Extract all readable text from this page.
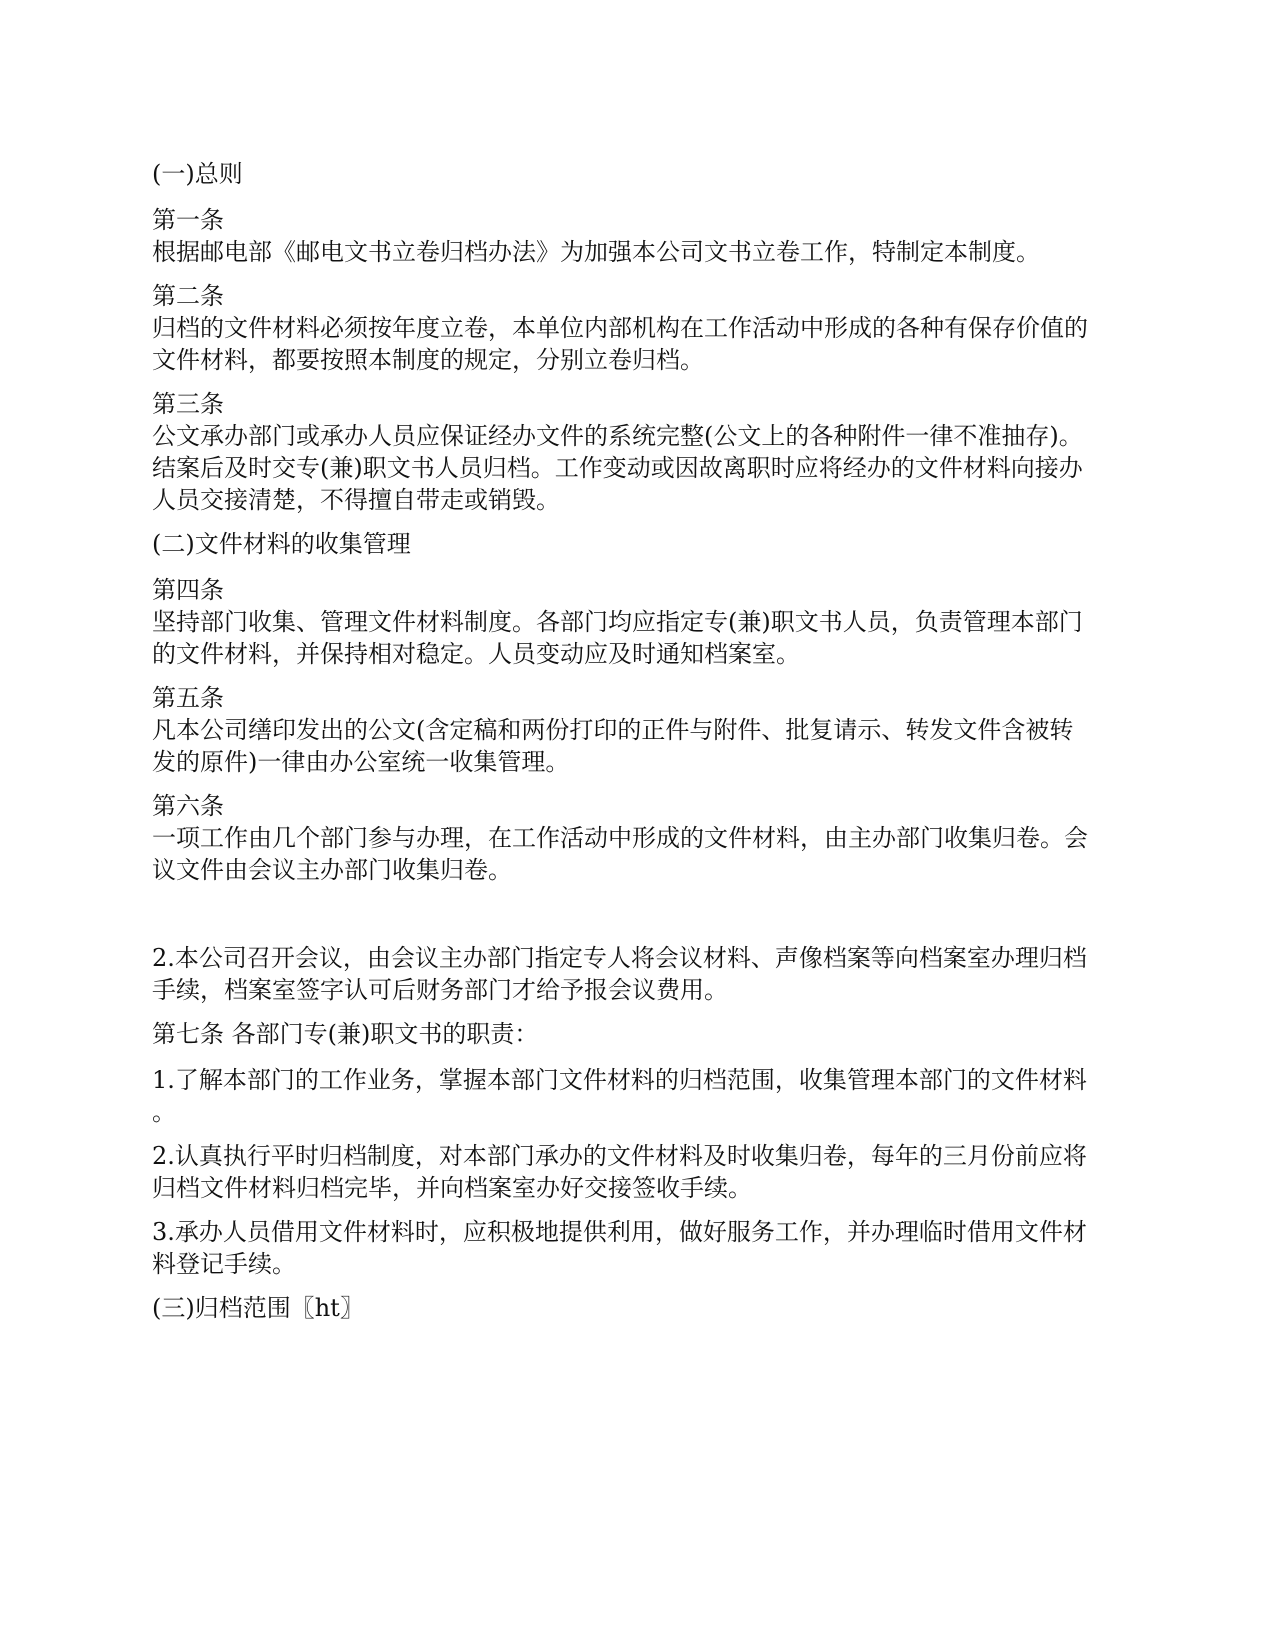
(一)总则

第一条
根据邮电部《邮电文书立卷归档办法》为加强本公司文书立卷工作，特制定本制度。

第二条
归档的文件材料必须按年度立卷，本单位内部机构在工作活动中形成的各种有保存价值的
文件材料，都要按照本制度的规定，分别立卷归档。

第三条
公文承办部门或承办人员应保证经办文件的系统完整(公文上的各种附件一律不准抽存)。
结案后及时交专(兼)职文书人员归档。工作变动或因故离职时应将经办的文件材料向接办
人员交接清楚，不得擅自带走或销毁。

(二)文件材料的收集管理

第四条
坚持部门收集、管理文件材料制度。各部门均应指定专(兼)职文书人员，负责管理本部门
的文件材料，并保持相对稳定。人员变动应及时通知档案室。

第五条
凡本公司缮印发出的公文(含定稿和两份打印的正件与附件、批复请示、转发文件含被转
发的原件)一律由办公室统一收集管理。

第六条
一项工作由几个部门参与办理，在工作活动中形成的文件材料，由主办部门收集归卷。会
议文件由会议主办部门收集归卷。

2.本公司召开会议，由会议主办部门指定专人将会议材料、声像档案等向档案室办理归档
手续，档案室签字认可后财务部门才给予报会议费用。

第七条 各部门专(兼)职文书的职责：

1.了解本部门的工作业务，掌握本部门文件材料的归档范围，收集管理本部门的文件材料
。

2.认真执行平时归档制度，对本部门承办的文件材料及时收集归卷，每年的三月份前应将
归档文件材料归档完毕，并向档案室办好交接签收手续。

3.承办人员借用文件材料时，应积极地提供利用，做好服务工作，并办理临时借用文件材
料登记手续。

(三)归档范围〖ht〗
